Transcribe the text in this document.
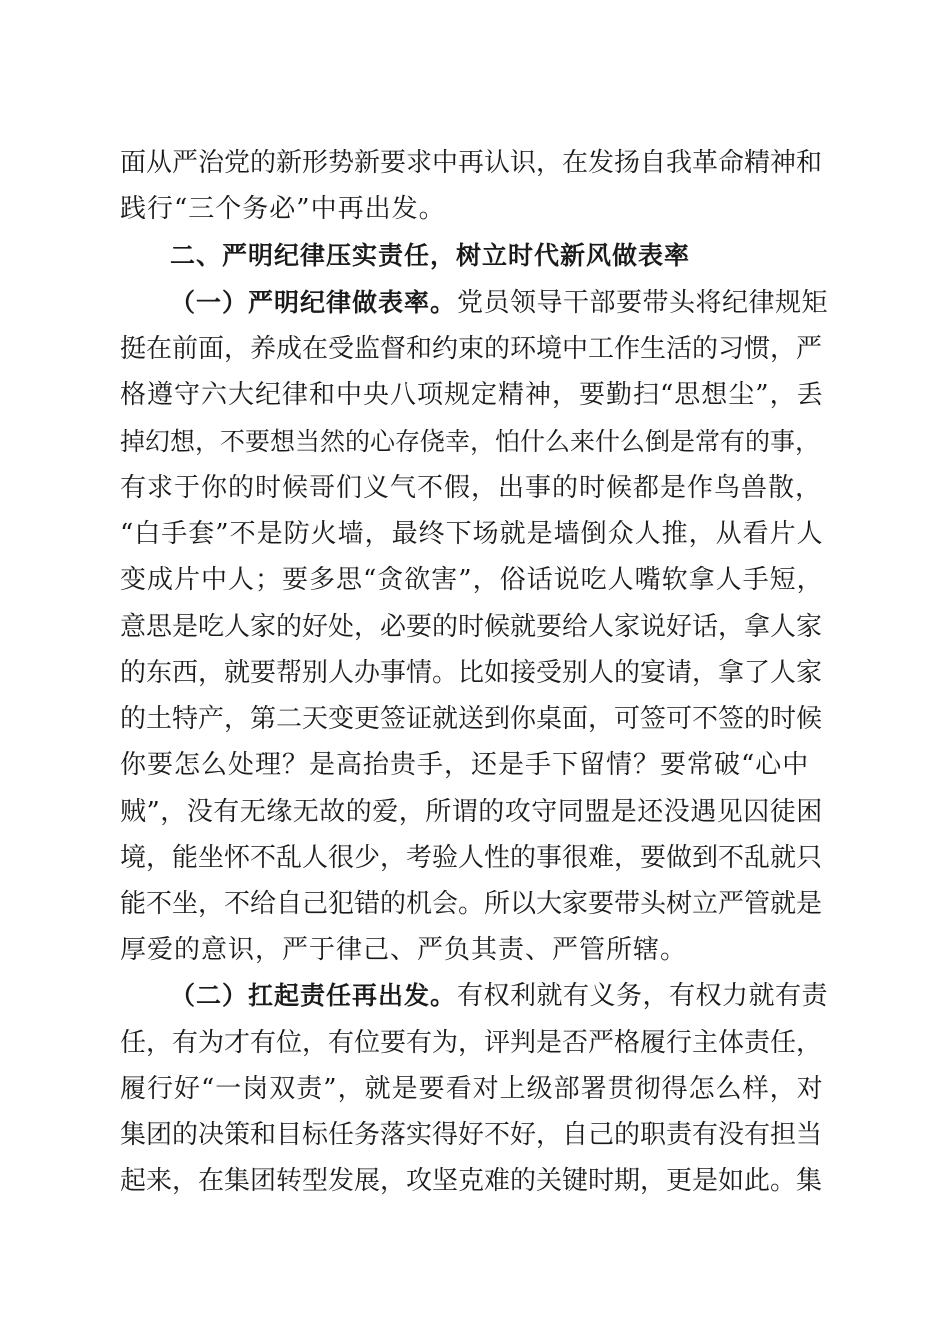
面从严治党的新形势新要求中再认识，在发扬自我革命精神和
践行“三个务必”中再出发。
二、严明纪律压实责任，树立时代新风做表率
（一）严明纪律做表率。 党员领导干部要带头将纪律规矩
挺在前面，养成在受监督和约束的环境中工作生活的习惯，严
格遵守六大纪律和中央八项规定精神，要勤扫“思想尘”，丢
掉幻想，不要想当然的心存侥幸，怕什么来什么倒是常有的事，
有求于你的时候哥们义气不假，出事的时候都是作鸟兽散，
“白手套”不是防火墙，最终下场就是墙倒众人推，从看片人
变成片中人；要多思“贪欲害”，俗话说吃人嘴软拿人手短，
意思是吃人家的好处，必要的时候就要给人家说好话，拿人家
的东西，就要帮别人办事情。比如接受别人的宴请，拿了人家
的土特产，第二天变更签证就送到你桌面，可签可不签的时候
你要怎么处理？是高抬贵手，还是手下留情？要常破“心中
贼”，没有无缘无故的爱，所谓的攻守同盟是还没遇见囚徒困
境，能坐怀不乱人很少，考验人性的事很难，要做到不乱就只
能不坐，不给自己犯错的机会。所以大家要带头树立严管就是
厚爱的意识，严于律己、严负其责、严管所辖。
（二）扛起责任再出发。 有权利就有义务，有权力就有责
任，有为才有位，有位要有为，评判是否严格履行主体责任，
履行好“一岗双责”，就是要看对上级部署贯彻得怎么样，对
集团的决策和目标任务落实得好不好，自己的职责有没有担当
起来，在集团转型发展，攻坚克难的关键时期，更是如此。集
